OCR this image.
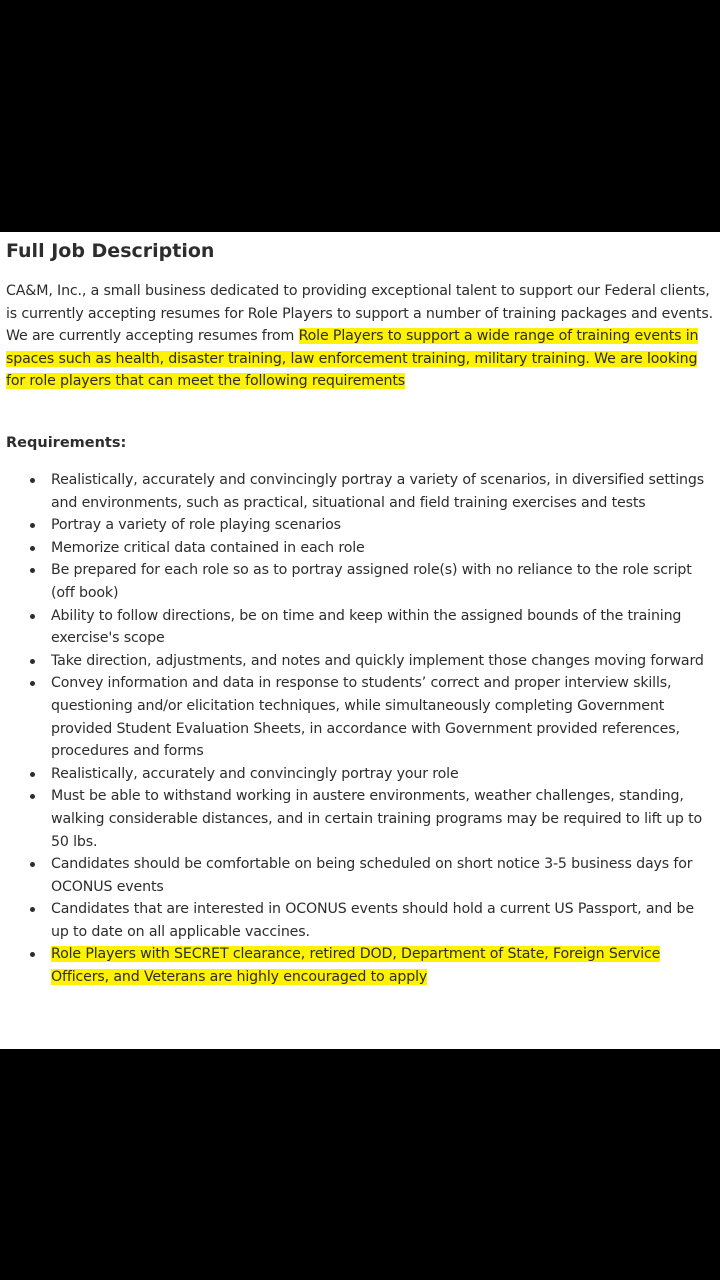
Full Job Description

CA&M, Inc., a small business dedicated to providing exceptional talent to support our Federal clients, is currently accepting resumes for Role Players to support a number of training packages and events. We are currently accepting resumes from Role Players to support a wide range of training events in spaces such as health, disaster training, law enforcement training, military training. We are looking for role players that can meet the following requirements

Requirements:
Realistically, accurately and convincingly portray a variety of scenarios, in diversified settings and environments, such as practical, situational and field training exercises and tests
Portray a variety of role playing scenarios
Memorize critical data contained in each role
Be prepared for each role so as to portray assigned role(s) with no reliance to the role script (off book)
Ability to follow directions, be on time and keep within the assigned bounds of the training exercise's scope
Take direction, adjustments, and notes and quickly implement those changes moving forward
Convey information and data in response to students’ correct and proper interview skills, questioning and/or elicitation techniques, while simultaneously completing Government provided Student Evaluation Sheets, in accordance with Government provided references, procedures and forms
Realistically, accurately and convincingly portray your role
Must be able to withstand working in austere environments, weather challenges, standing, walking considerable distances, and in certain training programs may be required to lift up to 50 lbs.
Candidates should be comfortable on being scheduled on short notice 3-5 business days for OCONUS events
Candidates that are interested in OCONUS events should hold a current US Passport, and be up to date on all applicable vaccines.
Role Players with SECRET clearance, retired DOD, Department of State, Foreign Service Officers, and Veterans are highly encouraged to apply
